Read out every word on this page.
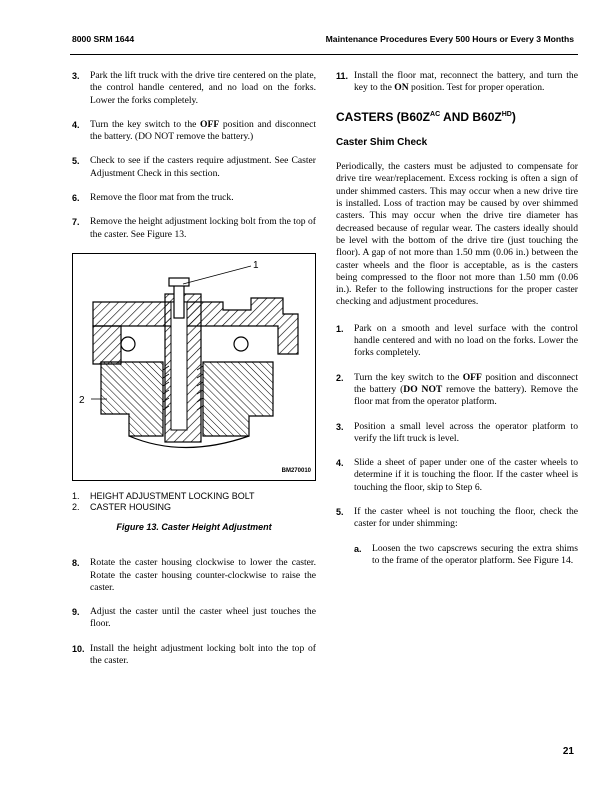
8000 SRM 1644	Maintenance Procedures Every 500 Hours or Every 3 Months
3. Park the lift truck with the drive tire centered on the plate, the control handle centered, and no load on the forks. Lower the forks completely.
4. Turn the key switch to the OFF position and disconnect the battery. (DO NOT remove the battery.)
5. Check to see if the casters require adjustment. See Caster Adjustment Check in this section.
6. Remove the floor mat from the truck.
7. Remove the height adjustment locking bolt from the top of the caster. See Figure 13.
1
2
BM270010
1. HEIGHT ADJUSTMENT LOCKING BOLT
2. CASTER HOUSING
Figure 13. Caster Height Adjustment
8. Rotate the caster housing clockwise to lower the caster. Rotate the caster housing counter-clockwise to raise the caster.
9. Adjust the caster until the caster wheel just touches the floor.
10. Install the height adjustment locking bolt into the top of the caster.
11. Install the floor mat, reconnect the battery, and turn the key to the ON position. Test for proper operation.
CASTERS ($B60Z^{AC}$ AND $B60Z^{HD}$)
Caster Shim Check
Periodically, the casters must be adjusted to compensate for drive tire wear/replacement. Excess rocking is often a sign of under shimmed casters. This may occur when a new drive tire is installed. Loss of traction may be caused by over shimmed casters. This may occur when the drive tire diameter has decreased because of regular wear. The casters ideally should be level with the bottom of the drive tire (just touching the floor). A gap of not more than 1.50 mm (0.06 in.) between the caster wheels and the floor is acceptable, as is the casters being compressed to the floor not more than 1.50 mm (0.06 in.). Refer to the following instructions for the proper caster checking and adjustment procedures.
1. Park on a smooth and level surface with the control handle centered and with no load on the forks. Lower the forks completely.
2. Turn the key switch to the OFF position and disconnect the battery (DO NOT remove the battery). Remove the floor mat from the operator platform.
3. Position a small level across the operator platform to verify the lift truck is level.
4. Slide a sheet of paper under one of the caster wheels to determine if it is touching the floor. If the caster wheel is touching the floor, skip to Step 6.
5. If the caster wheel is not touching the floor, check the caster for under shimming:
a. Loosen the two capscrews securing the extra shims to the frame of the operator platform. See Figure 14.
21
